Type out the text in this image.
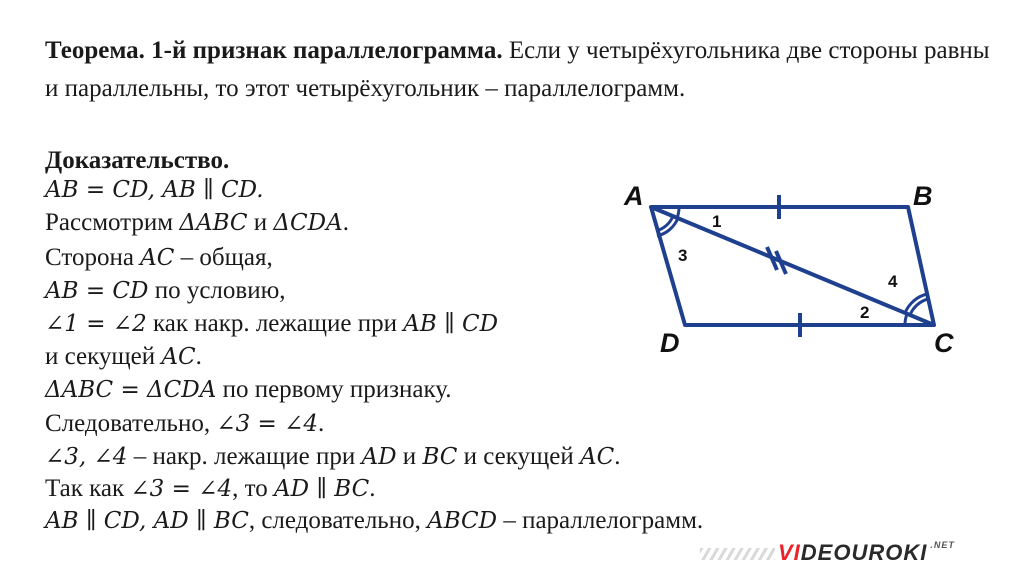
Теорема. 1-й признак параллелограмма. Если у четырёхугольника две стороны равны и параллельны, то этот четырёхугольник – параллелограмм.

Доказательство.
AB = CD, AB ∥ CD.
Рассмотрим ΔABC и ΔCDA.
Сторона AC – общая,
AB = CD по условию,
∠1 = ∠2 как накр. лежащие при AB ∥ CD
и секущей AC.
ΔABC = ΔCDA по первому признаку.
Следовательно, ∠3 = ∠4.
∠3, ∠4 – накр. лежащие при AD и BC и секущей AC.
Так как ∠3 = ∠4, то AD ∥ BC.
AB ∥ CD, AD ∥ BC, следовательно, ABCD – параллелограмм.
A	B
C
D
1
2
3
4
VIDEOUROKI $^{.NET}$
